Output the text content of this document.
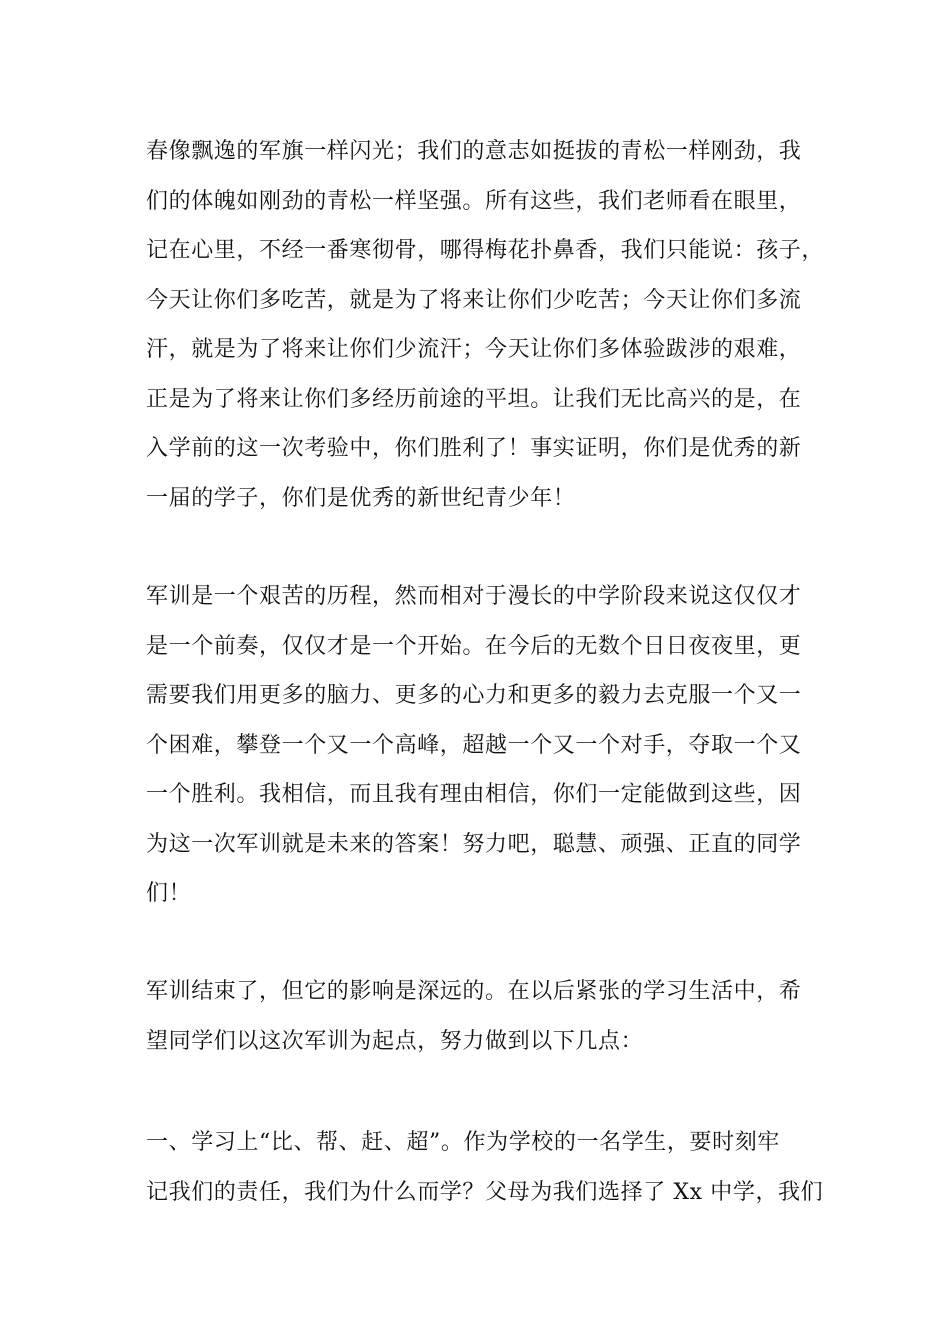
春像飘逸的军旗一样闪光；我们的意志如挺拔的青松一样刚劲，我
们的体魄如刚劲的青松一样坚强。所有这些，我们老师看在眼里，
记在心里，不经一番寒彻骨，哪得梅花扑鼻香，我们只能说：孩子，
今天让你们多吃苦，就是为了将来让你们少吃苦；今天让你们多流
汗，就是为了将来让你们少流汗；今天让你们多体验跋涉的艰难，
正是为了将来让你们多经历前途的平坦。让我们无比高兴的是，在
入学前的这一次考验中，你们胜利了！事实证明，你们是优秀的新
一届的学子，你们是优秀的新世纪青少年！
军训是一个艰苦的历程，然而相对于漫长的中学阶段来说这仅仅才
是一个前奏，仅仅才是一个开始。在今后的无数个日日夜夜里，更
需要我们用更多的脑力、更多的心力和更多的毅力去克服一个又一
个困难，攀登一个又一个高峰，超越一个又一个对手，夺取一个又
一个胜利。我相信，而且我有理由相信，你们一定能做到这些，因
为这一次军训就是未来的答案！努力吧，聪慧、顽强、正直的同学
们！
军训结束了，但它的影响是深远的。在以后紧张的学习生活中，希
望同学们以这次军训为起点，努力做到以下几点：
一、学习上“比、帮、赶、超”。作为学校的一名学生，要时刻牢
记我们的责任，我们为什么而学？父母为我们选择了 Xx 中学，我们
